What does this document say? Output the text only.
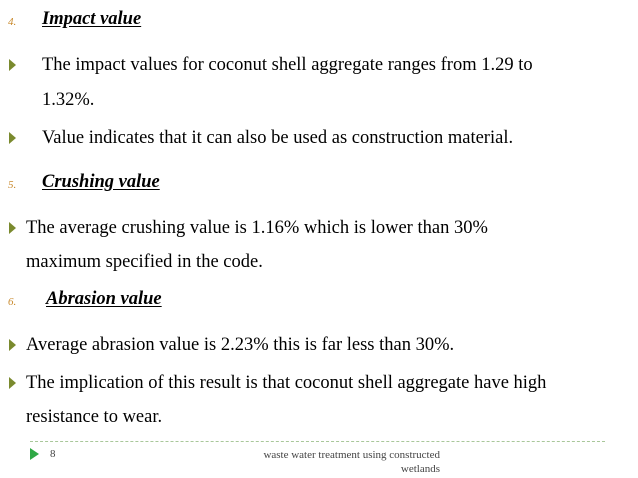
4. Impact value
The impact values for coconut shell aggregate ranges from 1.29 to
1.32%.
Value indicates that it can also be used as construction material.
5. Crushing value
The average crushing value is 1.16% which is lower than 30%
maximum specified in the code.
6. Abrasion value
Average abrasion value is 2.23% this is far less than 30%.
The implication of this result is that coconut shell aggregate have high
resistance to wear.
8	waste water treatment using constructed
wetlands
